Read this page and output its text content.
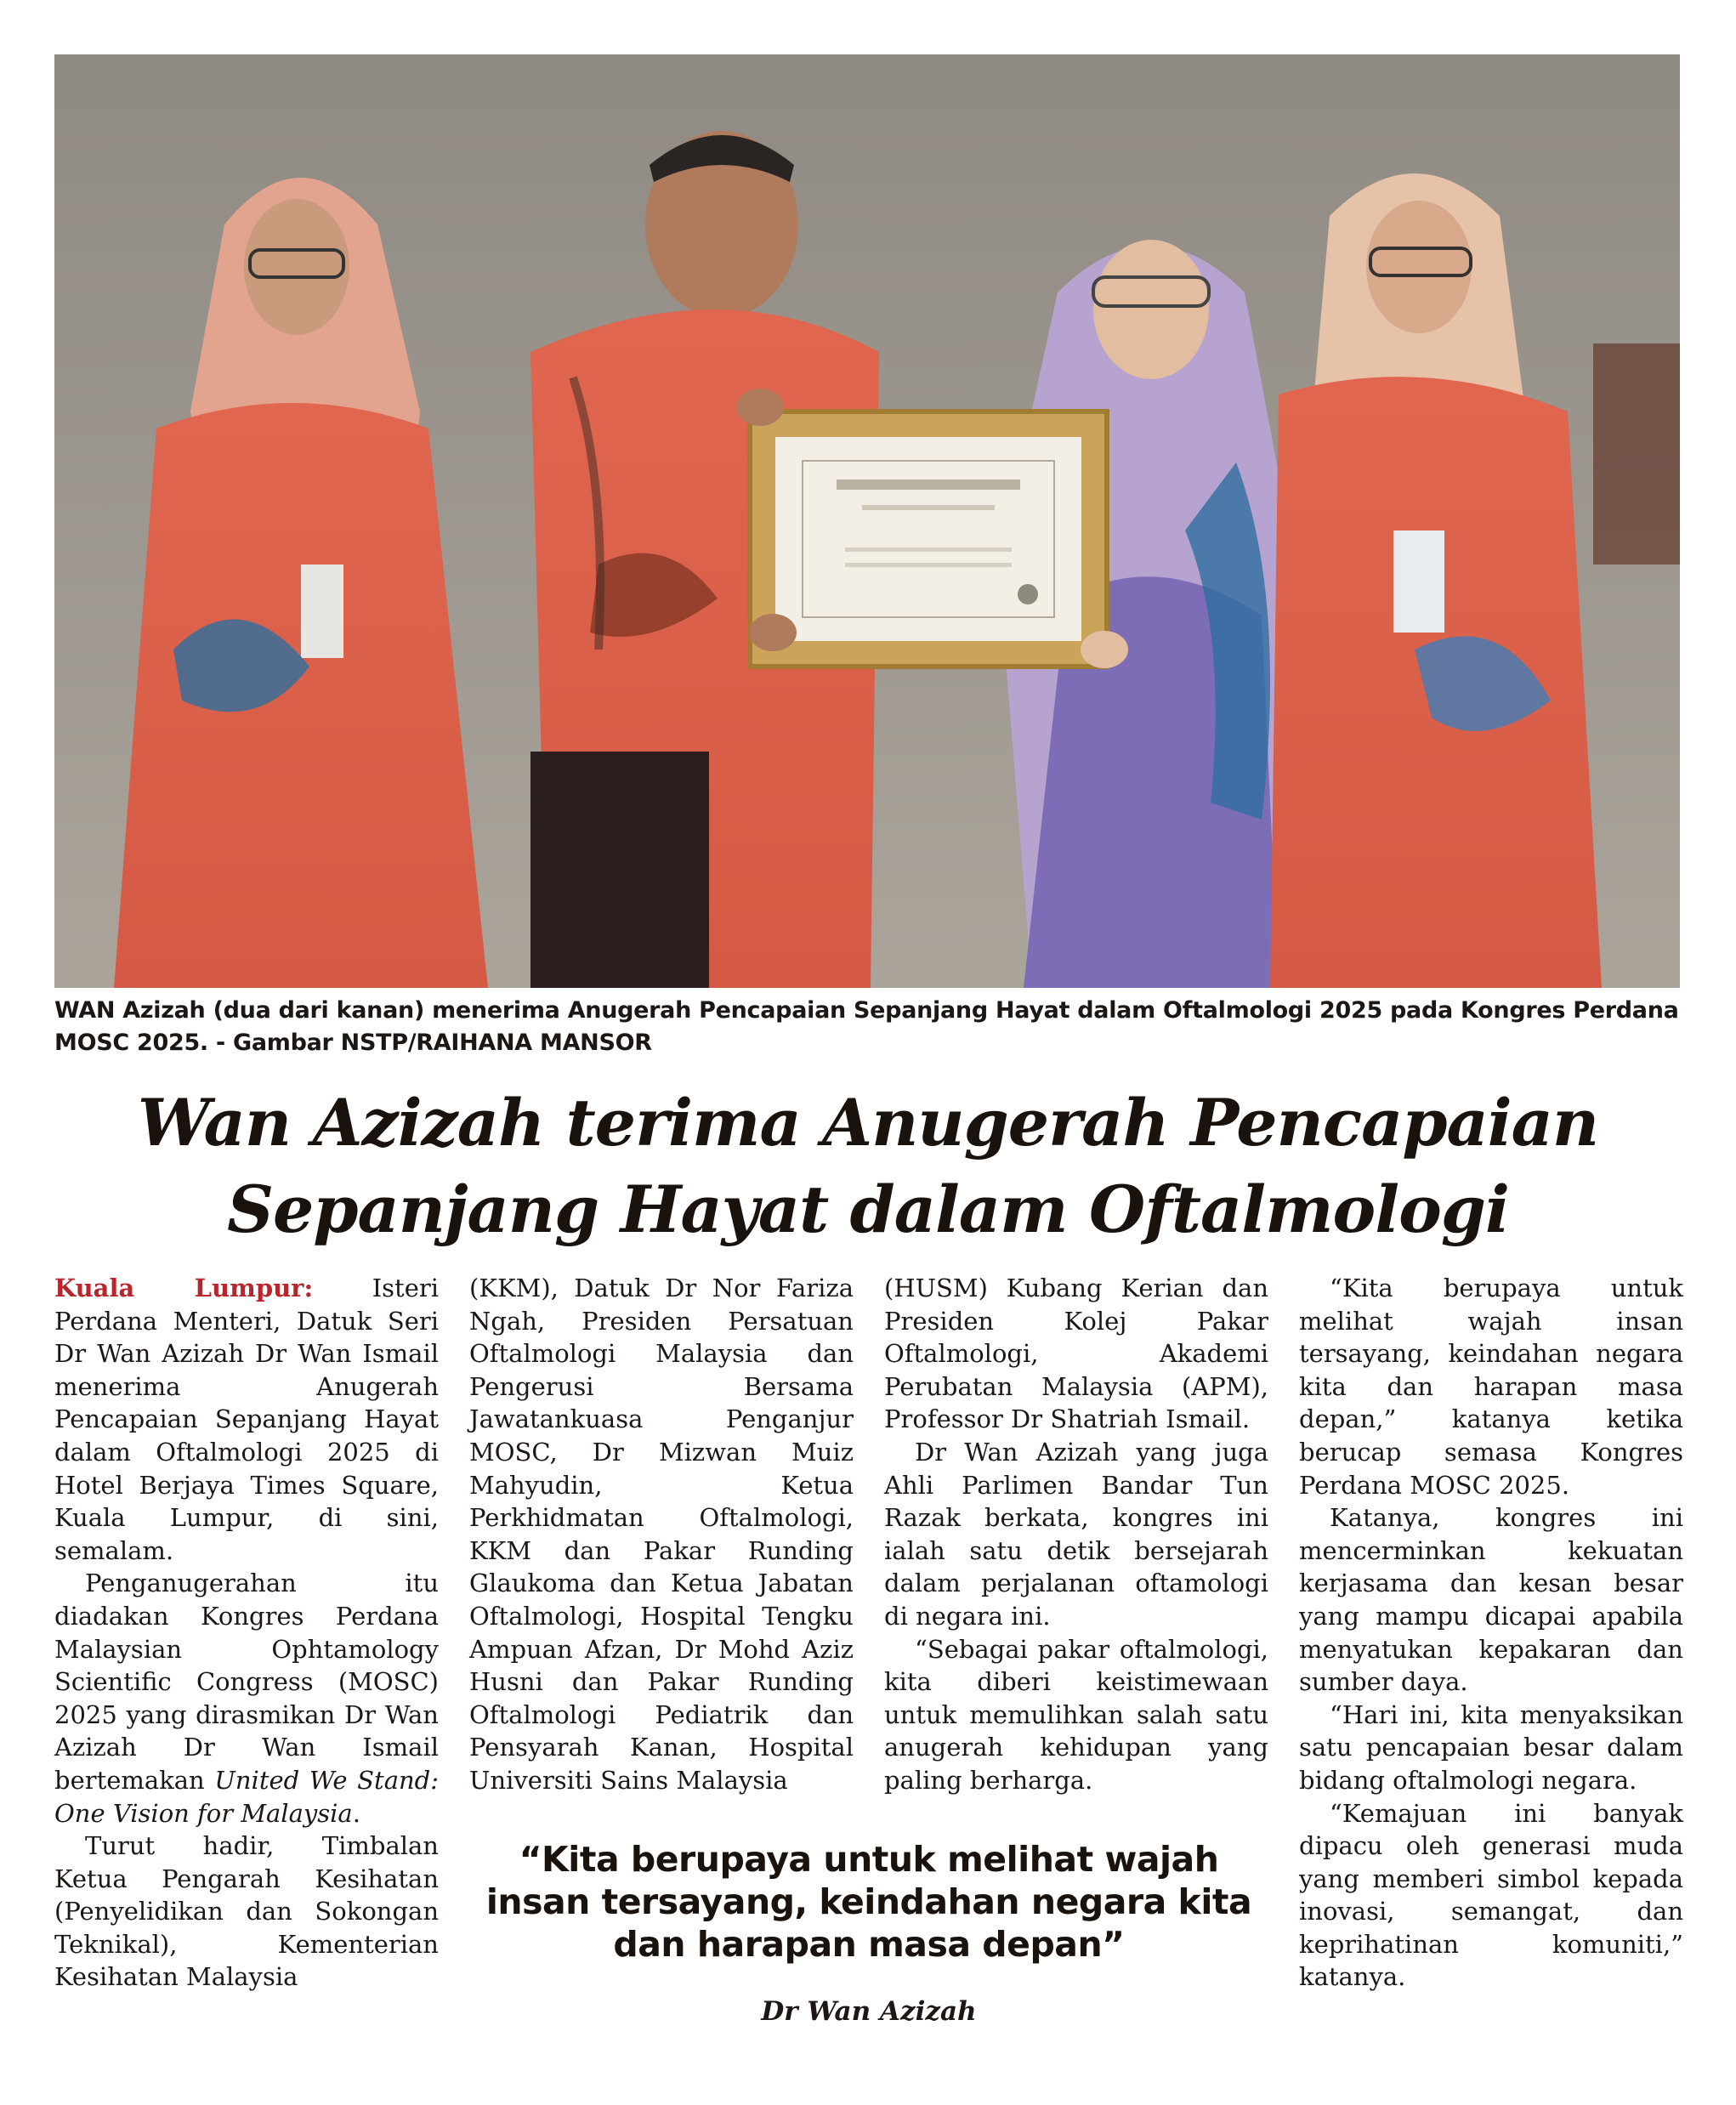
WAN Azizah (dua dari kanan) menerima Anugerah Pencapaian Sepanjang Hayat dalam Oftalmologi 2025 pada Kongres Perdana MOSC 2025. - Gambar NSTP/RAIHANA MANSOR
Wan Azizah terima Anugerah Pencapaian Sepanjang Hayat dalam Oftalmologi

Kuala Lumpur: Isteri Perdana Menteri, Datuk Seri Dr Wan Azizah Dr Wan Ismail menerima Anugerah Pencapaian Sepanjang Hayat dalam Oftalmologi 2025 di Hotel Berjaya Times Square, Kuala Lumpur, di sini, semalam.

Penganugerahan itu diadakan Kongres Perdana Malaysian Ophtamology Scientific Congress (MOSC) 2025 yang dirasmikan Dr Wan Azizah Dr Wan Ismail bertemakan United We Stand: One Vision for Malaysia.

Turut hadir, Timbalan Ketua Pengarah Kesihatan (Penyelidikan dan Sokongan Teknikal), Kementerian Kesihatan Malaysia

(KKM), Datuk Dr Nor Fariza Ngah, Presiden Persatuan Oftalmologi Malaysia dan Pengerusi Bersama Jawatankuasa Penganjur MOSC, Dr Mizwan Muiz Mahyudin, Ketua Perkhidmatan Oftalmologi, KKM dan Pakar Runding Glaukoma dan Ketua Jabatan Oftalmologi, Hospital Tengku Ampuan Afzan, Dr Mohd Aziz Husni dan Pakar Runding Oftalmologi Pediatrik dan Pensyarah Kanan, Hospital Universiti Sains Malaysia

(HUSM) Kubang Kerian dan Presiden Kolej Pakar Oftalmologi, Akademi Perubatan Malaysia (APM), Professor Dr Shatriah Ismail.

Dr Wan Azizah yang juga Ahli Parlimen Bandar Tun Razak berkata, kongres ini ialah satu detik bersejarah dalam perjalanan oftamologi di negara ini.

“Sebagai pakar oftalmologi, kita diberi keistimewaan untuk memulihkan salah satu anugerah kehidupan yang paling berharga.

“Kita berupaya untuk melihat wajah insan tersayang, keindahan negara kita dan harapan masa depan,” katanya ketika berucap semasa Kongres Perdana MOSC 2025.

Katanya, kongres ini mencerminkan kekuatan kerjasama dan kesan besar yang mampu dicapai apabila menyatukan kepakaran dan sumber daya.

“Hari ini, kita menyaksikan satu pencapaian besar dalam bidang oftalmologi negara.

“Kemajuan ini banyak dipacu oleh generasi muda yang memberi simbol kepada inovasi, semangat, dan keprihatinan komuniti,” katanya.

“Kita berupaya untuk melihat wajah insan tersayang, keindahan negara kita dan harapan masa depan”
Dr Wan Azizah
